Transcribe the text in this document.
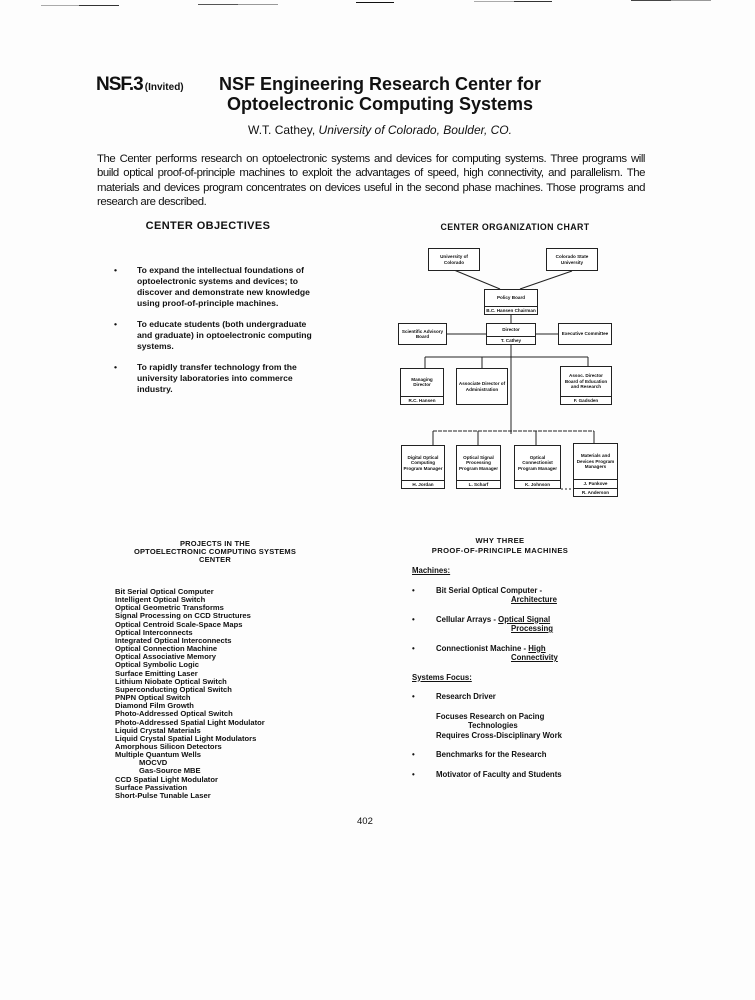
NSF.3 (Invited)	NSF Engineering Research Center for
Optoelectronic Computing Systems
W.T. Cathey, University of Colorado, Boulder, CO.
The Center performs research on optoelectronic systems and devices for computing systems. Three programs will build optical proof-of-principle machines to exploit the advantages of speed, high connectivity, and parallelism. The materials and devices program concentrates on devices useful in the second phase machines. Those programs and research are described.
CENTER OBJECTIVES
• To expand the intellectual foundations of optoelectronic systems and devices; to discover and demonstrate new knowledge using proof-of-principle machines.
• To educate students (both undergraduate and graduate) in optoelectronic computing systems.
• To rapidly transfer technology from the university laboratories into commerce industry.
CENTER ORGANIZATION CHART
University of Colorado
Colorado State University
Policy Board
B.C. Hansen Chairman
Scientific Advisory Board
Director
T. Cathey
Executive Committee
Managing Director
R.C. Hansen
Associate Director of Administration
Assoc. Director Board of Education and Research
F. Gadsden
Digital Optical Computing Program Manager
H. Jordan
Optical Signal Processing Program Manager
L. Scharf
Optical Connectionist Program Manager
K. Johnson
Materials and Devices Program Managers
J. Pankove
R. Anderson
PROJECTS IN THE
OPTOELECTRONIC COMPUTING SYSTEMS
CENTER
Bit Serial Optical Computer
Intelligent Optical Switch
Optical Geometric Transforms
Signal Processing on CCD Structures
Optical Centroid Scale-Space Maps
Optical Interconnects
Integrated Optical Interconnects
Optical Connection Machine
Optical Associative Memory
Optical Symbolic Logic
Surface Emitting Laser
Lithium Niobate Optical Switch
Superconducting Optical Switch
PNPN Optical Switch
Diamond Film Growth
Photo-Addressed Optical Switch
Photo-Addressed Spatial Light Modulator
Liquid Crystal Materials
Liquid Crystal Spatial Light Modulators
Amorphous Silicon Detectors
Multiple Quantum Wells
MOCVD
Gas-Source MBE
CCD Spatial Light Modulator
Surface Passivation
Short-Pulse Tunable Laser
WHY THREE
PROOF-OF-PRINCIPLE MACHINES
Machines:
•	Bit Serial Optical Computer -
Architecture
•	Cellular Arrays - Optical Signal
Processing
•	Connectionist Machine - High
Connectivity
Systems Focus:
•	Research Driver
Focuses Research on Pacing
Technologies
Requires Cross-Disciplinary Work
•	Benchmarks for the Research
•	Motivator of Faculty and Students
402
